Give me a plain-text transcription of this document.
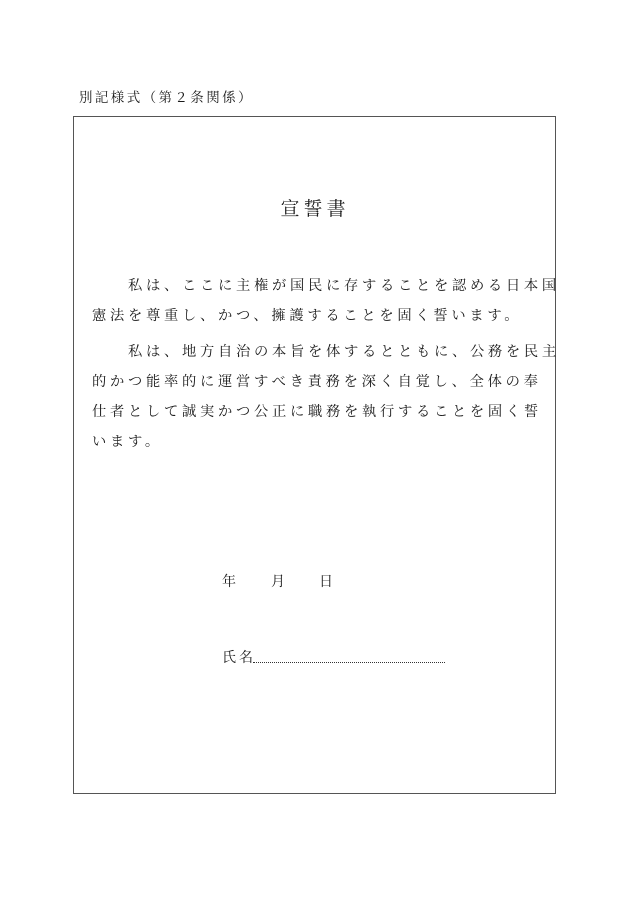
別記様式（第２条関係）
宣誓書

私は、ここに主権が国民に存することを認める日本国
憲法を尊重し、かつ、擁護することを固く誓います。

私は、地方自治の本旨を体するとともに、公務を民主
的かつ能率的に運営すべき責務を深く自覚し、全体の奉
仕者として誠実かつ公正に職務を執行することを固く誓
います。

年	月 日
氏名
